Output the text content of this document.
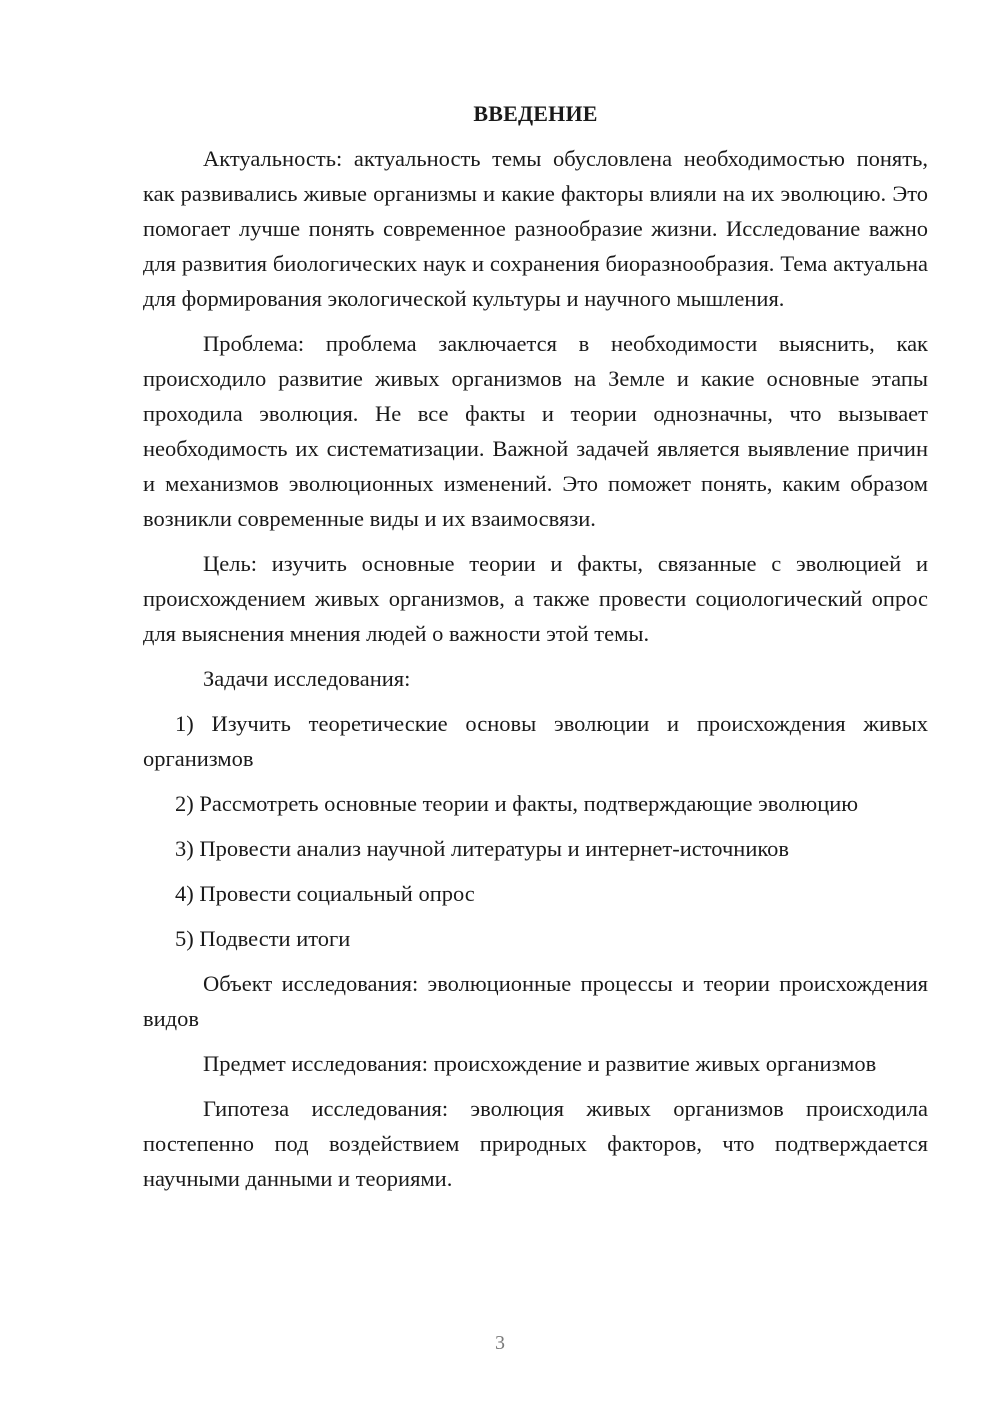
ВВЕДЕНИЕ

Актуальность: актуальность темы обусловлена необходимостью понять, как развивались живые организмы и какие факторы влияли на их эволюцию. Это помогает лучше понять современное разнообразие жизни. Исследование важно для развития биологических наук и сохранения биоразнообразия. Тема актуальна для формирования экологической культуры и научного мышления.

Проблема: проблема заключается в необходимости выяснить, как происходило развитие живых организмов на Земле и какие основные этапы проходила эволюция. Не все факты и теории однозначны, что вызывает необходимость их систематизации. Важной задачей является выявление причин и механизмов эволюционных изменений. Это поможет понять, каким образом возникли современные виды и их взаимосвязи.

Цель: изучить основные теории и факты, связанные с эволюцией и происхождением живых организмов, а также провести социологический опрос для выяснения мнения людей о важности этой темы.

Задачи исследования:

1) Изучить теоретические основы эволюции и происхождения живых организмов

2) Рассмотреть основные теории и факты, подтверждающие эволюцию

3) Провести анализ научной литературы и интернет-источников

4) Провести социальный опрос

5) Подвести итоги

Объект исследования: эволюционные процессы и теории происхождения видов

Предмет исследования: происхождение и развитие живых организмов

Гипотеза исследования: эволюция живых организмов происходила постепенно под воздействием природных факторов, что подтверждается научными данными и теориями.

3
